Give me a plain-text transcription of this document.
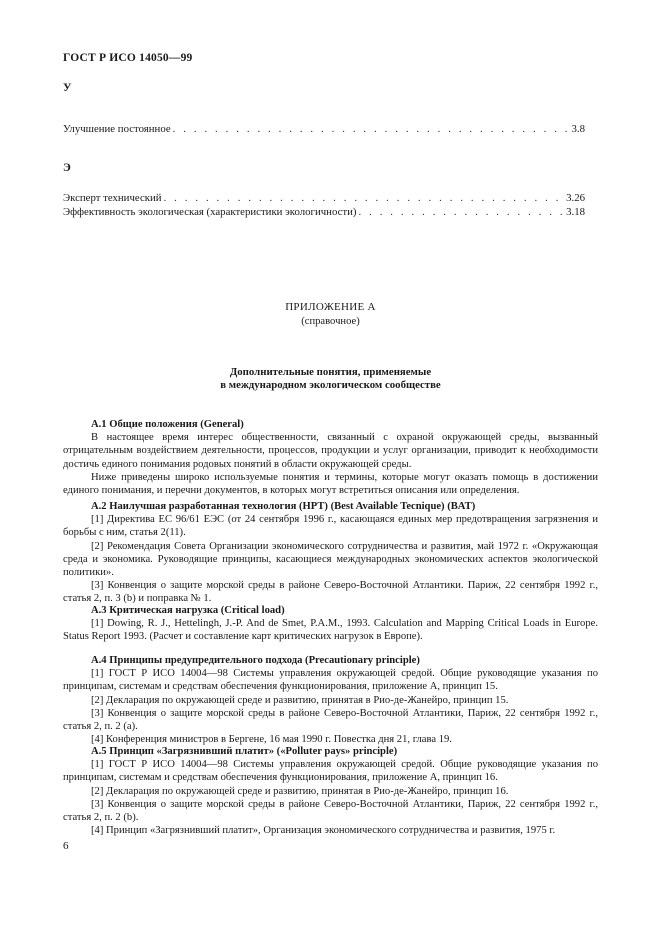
ГОСТ Р ИСО 14050—99
У
Улучшение постоянное . . .	3.8
Э
Эксперт технический . . .	3.26
Эффективность экологическая (характеристики экологичности) . . .	3.18
ПРИЛОЖЕНИЕ А
(справочное)
Дополнительные понятия, применяемые
в международном экологическом сообществе
А.1 Общие положения (General)

В настоящее время интерес общественности, связанный с охраной окружающей среды, вызванный отрицательным воздействием деятельности, процессов, продукции и услуг организации, приводит к необходимости достичь единого понимания родовых понятий в области окружающей среды.

Ниже приведены широко используемые понятия и термины, которые могут оказать помощь в достижении единого понимания, и перечни документов, в которых могут встретиться описания или определения.

А.2 Наилучшая разработанная технология (НРТ) (Best Available Tecnique) (BAT)

[1] Директива ЕС 96/61 ЕЭС (от 24 сентября 1996 г., касающаяся единых мер предотвращения загрязнения и борьбы с ним, статья 2(11).

[2] Рекомендация Совета Организации экономического сотрудничества и развития, май 1972 г. «Окружающая среда и экономика. Руководящие принципы, касающиеся международных экономических аспектов экологической политики».

[3] Конвенция о защите морской среды в районе Северо-Восточной Атлантики. Париж, 22 сентября 1992 г., статья 2, п. 3 (b) и поправка № 1.

А.3 Критическая нагрузка (Critical load)

[1] Dowing, R. J., Hettelingh, J.-P. And de Smet, P.A.M., 1993. Calculation and Mapping Critical Loads in Europe. Status Report 1993. (Расчет и составление карт критических нагрузок в Европе).

А.4 Принципы предупредительного подхода (Precautionary principle)

[1] ГОСТ Р ИСО 14004—98 Системы управления окружающей средой. Общие руководящие указания по принципам, системам и средствам обеспечения функционирования, приложение А, принцип 15.

[2] Декларация по окружающей среде и развитию, принятая в Рио-де-Жанейро, принцип 15.

[3] Конвенция о защите морской среды в районе Северо-Восточной Атлантики, Париж, 22 сентября 1992 г., статья 2, п. 2 (а).

[4] Конференция министров в Бергене, 16 мая 1990 г. Повестка дня 21, глава 19.

А.5 Принцип «Загрязнивший платит» («Polluter pays» principle)

[1] ГОСТ Р ИСО 14004—98 Системы управления окружающей средой. Общие руководящие указания по принципам, системам и средствам обеспечения функционирования, приложение А, принцип 16.

[2] Декларация по окружающей среде и развитию, принятая в Рио-де-Жанейро, принцип 16.

[3] Конвенция о защите морской среды в районе Северо-Восточной Атлантики, Париж, 22 сентября 1992 г., статья 2, п. 2 (b).

[4] Принцип «Загрязнивший платит», Организация экономического сотрудничества и развития, 1975 г.

6
